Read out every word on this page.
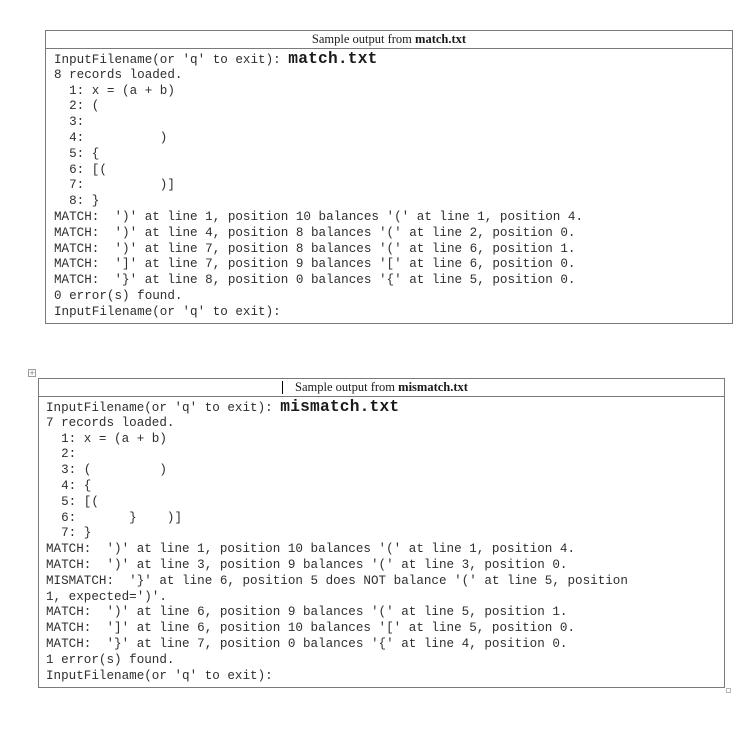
+
Sample output from match.txt
InputFilename(or 'q' to exit): match.txt
8 records loaded.
1: x = (a + b)
2: (
3:
4:          )
5: {
6: [(
7:          )]
8: }
MATCH:  ')' at line 1, position 10 balances '(' at line 1, position 4.
MATCH:  ')' at line 4, position 8 balances '(' at line 2, position 0.
MATCH:  ')' at line 7, position 8 balances '(' at line 6, position 1.
MATCH:  ']' at line 7, position 9 balances '[' at line 6, position 0.
MATCH:  '}' at line 8, position 0 balances '{' at line 5, position 0.
0 error(s) found.
InputFilename(or 'q' to exit):
Sample output from mismatch.txt
InputFilename(or 'q' to exit): mismatch.txt
7 records loaded.
1: x = (a + b)
2:
3: (         )
4: {
5: [(
6:       }    )]
7: }
MATCH:  ')' at line 1, position 10 balances '(' at line 1, position 4.
MATCH:  ')' at line 3, position 9 balances '(' at line 3, position 0.
MISMATCH:  '}' at line 6, position 5 does NOT balance '(' at line 5, position
1, expected=')'.
MATCH:  ')' at line 6, position 9 balances '(' at line 5, position 1.
MATCH:  ']' at line 6, position 10 balances '[' at line 5, position 0.
MATCH:  '}' at line 7, position 0 balances '{' at line 4, position 0.
1 error(s) found.
InputFilename(or 'q' to exit):
